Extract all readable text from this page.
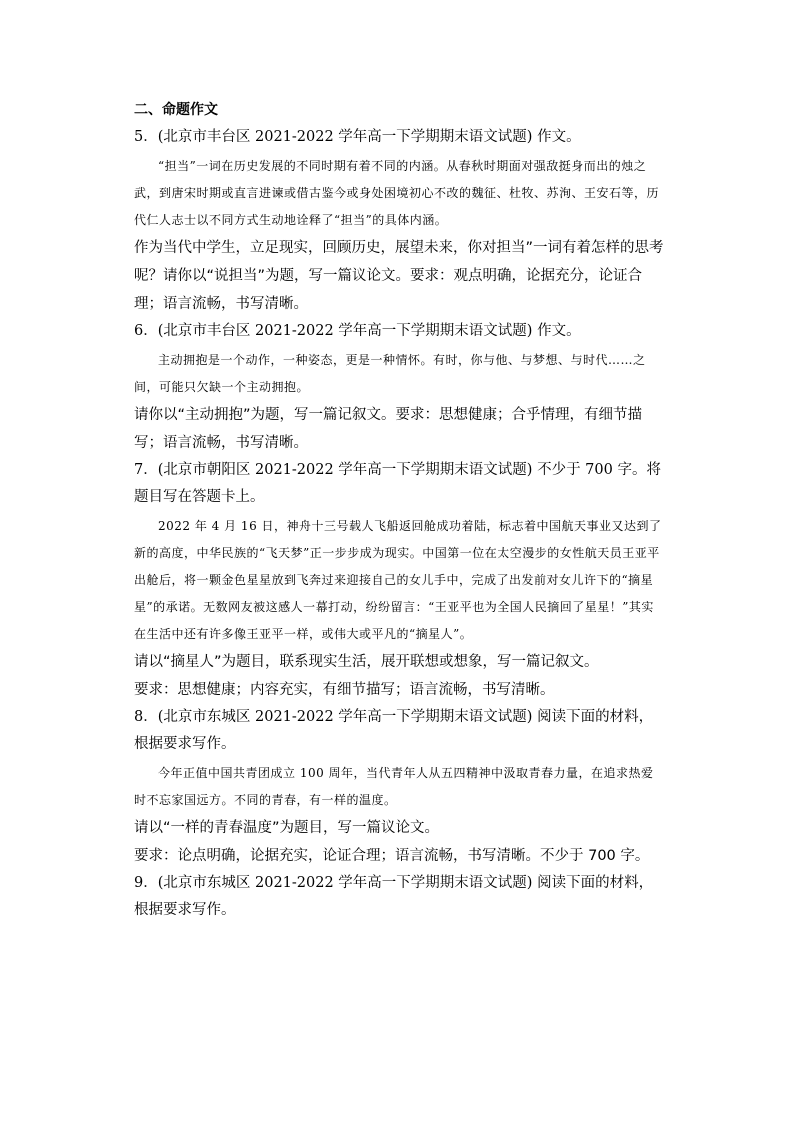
二、命题作文

5．(北京市丰台区 2021-2022 学年高一下学期期末语文试题) 作文。

“担当”一词在历史发展的不同时期有着不同的内涵。从春秋时期面对强敌挺身而出的烛之武，到唐宋时期或直言进谏或借古鉴今或身处困境初心不改的魏征、杜牧、苏洵、王安石等，历代仁人志士以不同方式生动地诠释了“担当”的具体内涵。

作为当代中学生，立足现实，回顾历史，展望未来，你对担当”一词有着怎样的思考呢？请你以“说担当”为题，写一篇议论文。要求：观点明确，论据充分，论证合理；语言流畅，书写清晰。

6．(北京市丰台区 2021-2022 学年高一下学期期末语文试题) 作文。

主动拥抱是一个动作，一种姿态，更是一种情怀。有时，你与他、与梦想、与时代……之间，可能只欠缺一个主动拥抱。

请你以“主动拥抱”为题，写一篇记叙文。要求：思想健康；合乎情理，有细节描写；语言流畅，书写清晰。

7．(北京市朝阳区 2021-2022 学年高一下学期期末语文试题) 不少于 700 字。将题目写在答题卡上。

2022 年 4 月 16 日，神舟十三号载人飞船返回舱成功着陆，标志着中国航天事业又达到了新的高度，中华民族的“飞天梦”正一步步成为现实。中国第一位在太空漫步的女性航天员王亚平出舱后，将一颗金色星星放到飞奔过来迎接自己的女儿手中，完成了出发前对女儿许下的“摘星星”的承诺。无数网友被这感人一幕打动，纷纷留言：“王亚平也为全国人民摘回了星星！”其实在生活中还有许多像王亚平一样，或伟大或平凡的“摘星人”。

请以“摘星人”为题目，联系现实生活，展开联想或想象，写一篇记叙文。

要求：思想健康；内容充实，有细节描写；语言流畅，书写清晰。

8．(北京市东城区 2021-2022 学年高一下学期期末语文试题) 阅读下面的材料，根据要求写作。

今年正值中国共青团成立 100 周年，当代青年人从五四精神中汲取青春力量，在追求热爱时不忘家国远方。不同的青春，有一样的温度。

请以“一样的青春温度”为题目，写一篇议论文。

要求：论点明确，论据充实，论证合理；语言流畅，书写清晰。不少于 700 字。

9．(北京市东城区 2021-2022 学年高一下学期期末语文试题) 阅读下面的材料，根据要求写作。
